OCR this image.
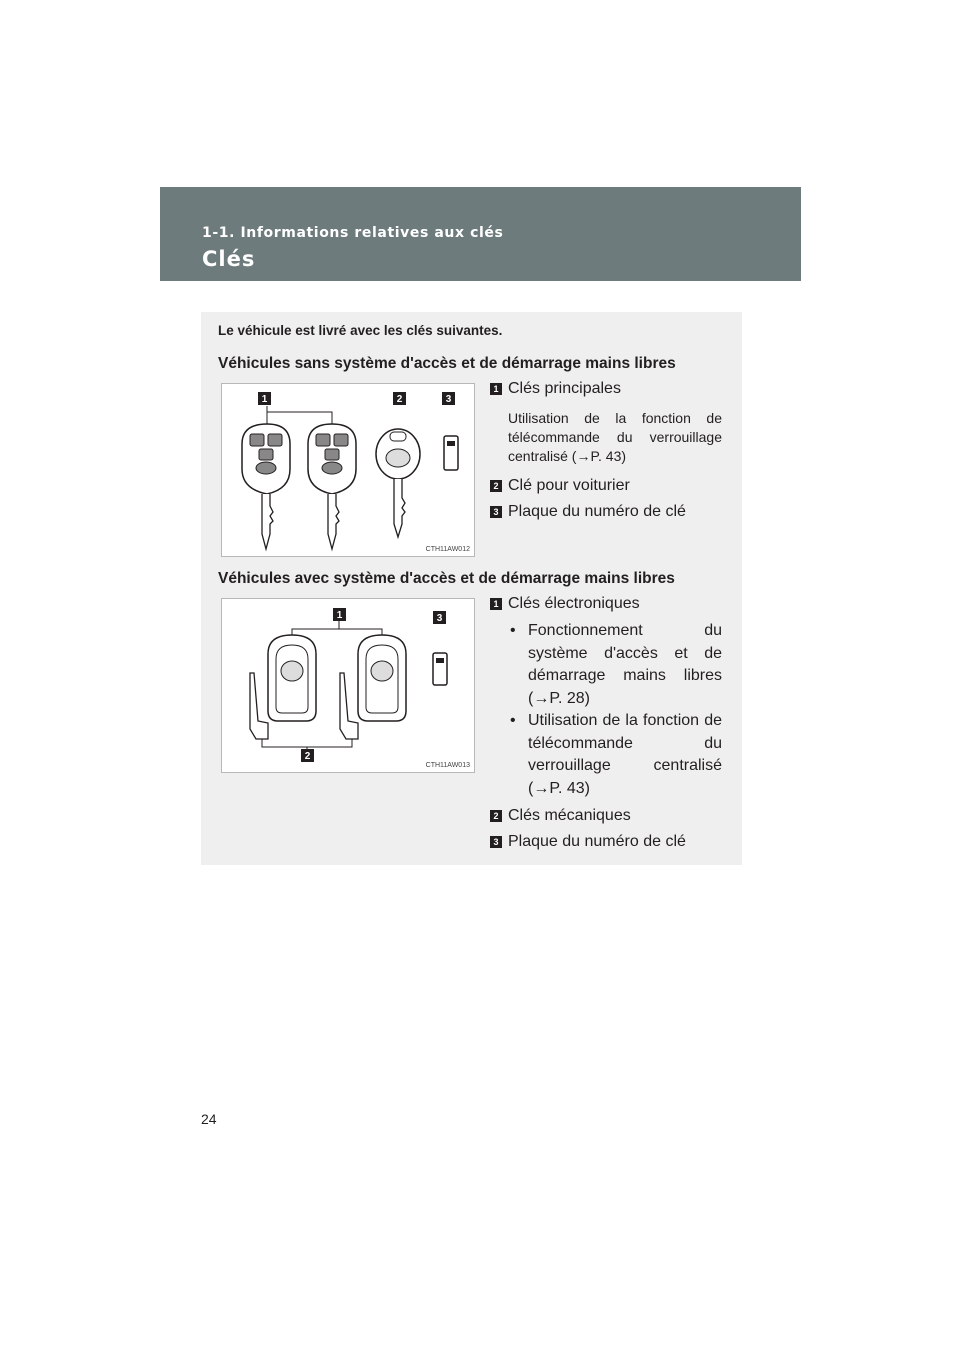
1-1. Informations relatives aux clés
Clés
Le véhicule est livré avec les clés suivantes.
Véhicules sans système d'accès et de démarrage mains libres
1	2	3
CTH11AW012
1 Clés principales
Utilisation de la fonction de télécommande du verrouillage centralisé (→P. 43)
2 Clé pour voiturier
3 Plaque du numéro de clé
Véhicules avec système d'accès et de démarrage mains libres
1	3
2
CTH11AW013
1 Clés électroniques
• Fonctionnement du système d'accès et de démarrage mains libres (→P. 28)
• Utilisation de la fonction de télécommande du verrouillage centralisé (→P. 43)
2 Clés mécaniques
3 Plaque du numéro de clé
24
